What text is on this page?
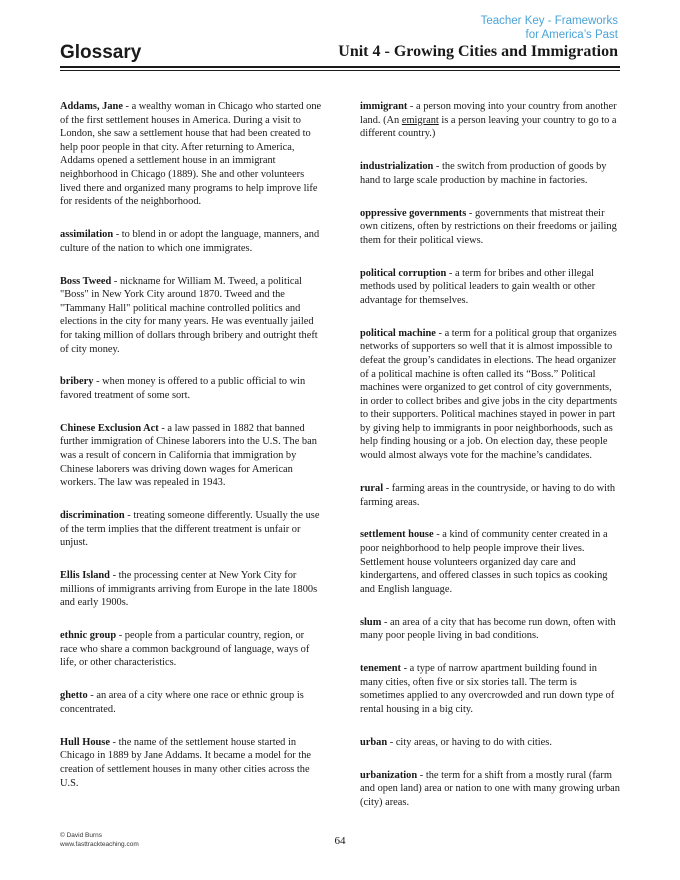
Teacher Key - Frameworks
for America’s Past
Glossary	Unit 4 - Growing Cities and Immigration

Addams, Jane - a wealthy woman in Chicago who started one of the first settlement houses in America. During a visit to London, she saw a settlement house that had been created to help poor people in that city. After returning to America, Addams opened a settlement house in an immigrant neighborhood in Chicago (1889). She and other volunteers lived there and organized many programs to help improve life for residents of the neighborhood.

assimilation - to blend in or adopt the language, manners, and culture of the nation to which one immigrates.

Boss Tweed - nickname for William M. Tweed, a political "Boss" in New York City around 1870. Tweed and the "Tammany Hall" political machine controlled politics and elections in the city for many years. He was eventually jailed for taking million of dollars through bribery and outright theft of city money.

bribery - when money is offered to a public official to win favored treatment of some sort.

Chinese Exclusion Act - a law passed in 1882 that banned further immigration of Chinese laborers into the U.S. The ban was a result of concern in California that immigration by Chinese laborers was driving down wages for American workers. The law was repealed in 1943.

discrimination - treating someone differently. Usually the use of the term implies that the different treatment is unfair or unjust.

Ellis Island - the processing center at New York City for millions of immigrants arriving from Europe in the late 1800s and early 1900s.

ethnic group - people from a particular country, region, or race who share a common background of language, ways of life, or other characteristics.

ghetto - an area of a city where one race or ethnic group is concentrated.

Hull House - the name of the settlement house started in Chicago in 1889 by Jane Addams. It became a model for the creation of settlement houses in many other cities across the U.S.

immigrant - a person moving into your country from another land. (An emigrant is a person leaving your country to go to a different country.)

industrialization - the switch from production of goods by hand to large scale production by machine in factories.

oppressive governments - governments that mistreat their own citizens, often by restrictions on their freedoms or jailing them for their political views.

political corruption - a term for bribes and other illegal methods used by political leaders to gain wealth or other advantage for themselves.

political machine - a term for a political group that organizes networks of supporters so well that it is almost impossible to defeat the group’s candidates in elections. The head organizer of a political machine is often called its “Boss.” Political machines were organized to get control of city governments, in order to collect bribes and give jobs in the city departments to their supporters. Political machines stayed in power in part by giving help to immigrants in poor neighborhoods, such as help finding housing or a job. On election day, these people would almost always vote for the machine’s candidates.

rural - farming areas in the countryside, or having to do with farming areas.

settlement house - a kind of community center created in a poor neighborhood to help people improve their lives. Settlement house volunteers organized day care and kindergartens, and offered classes in such topics as cooking and English language.

slum - an area of a city that has become run down, often with many poor people living in bad conditions.

tenement - a type of narrow apartment building found in many cities, often five or six stories tall. The term is sometimes applied to any overcrowded and run down type of rental housing in a big city.

urban - city areas, or having to do with cities.

urbanization - the term for a shift from a mostly rural (farm and open land) area or nation to one with many growing urban (city) areas.

© David Burns
www.fasttrackteaching.com	64
